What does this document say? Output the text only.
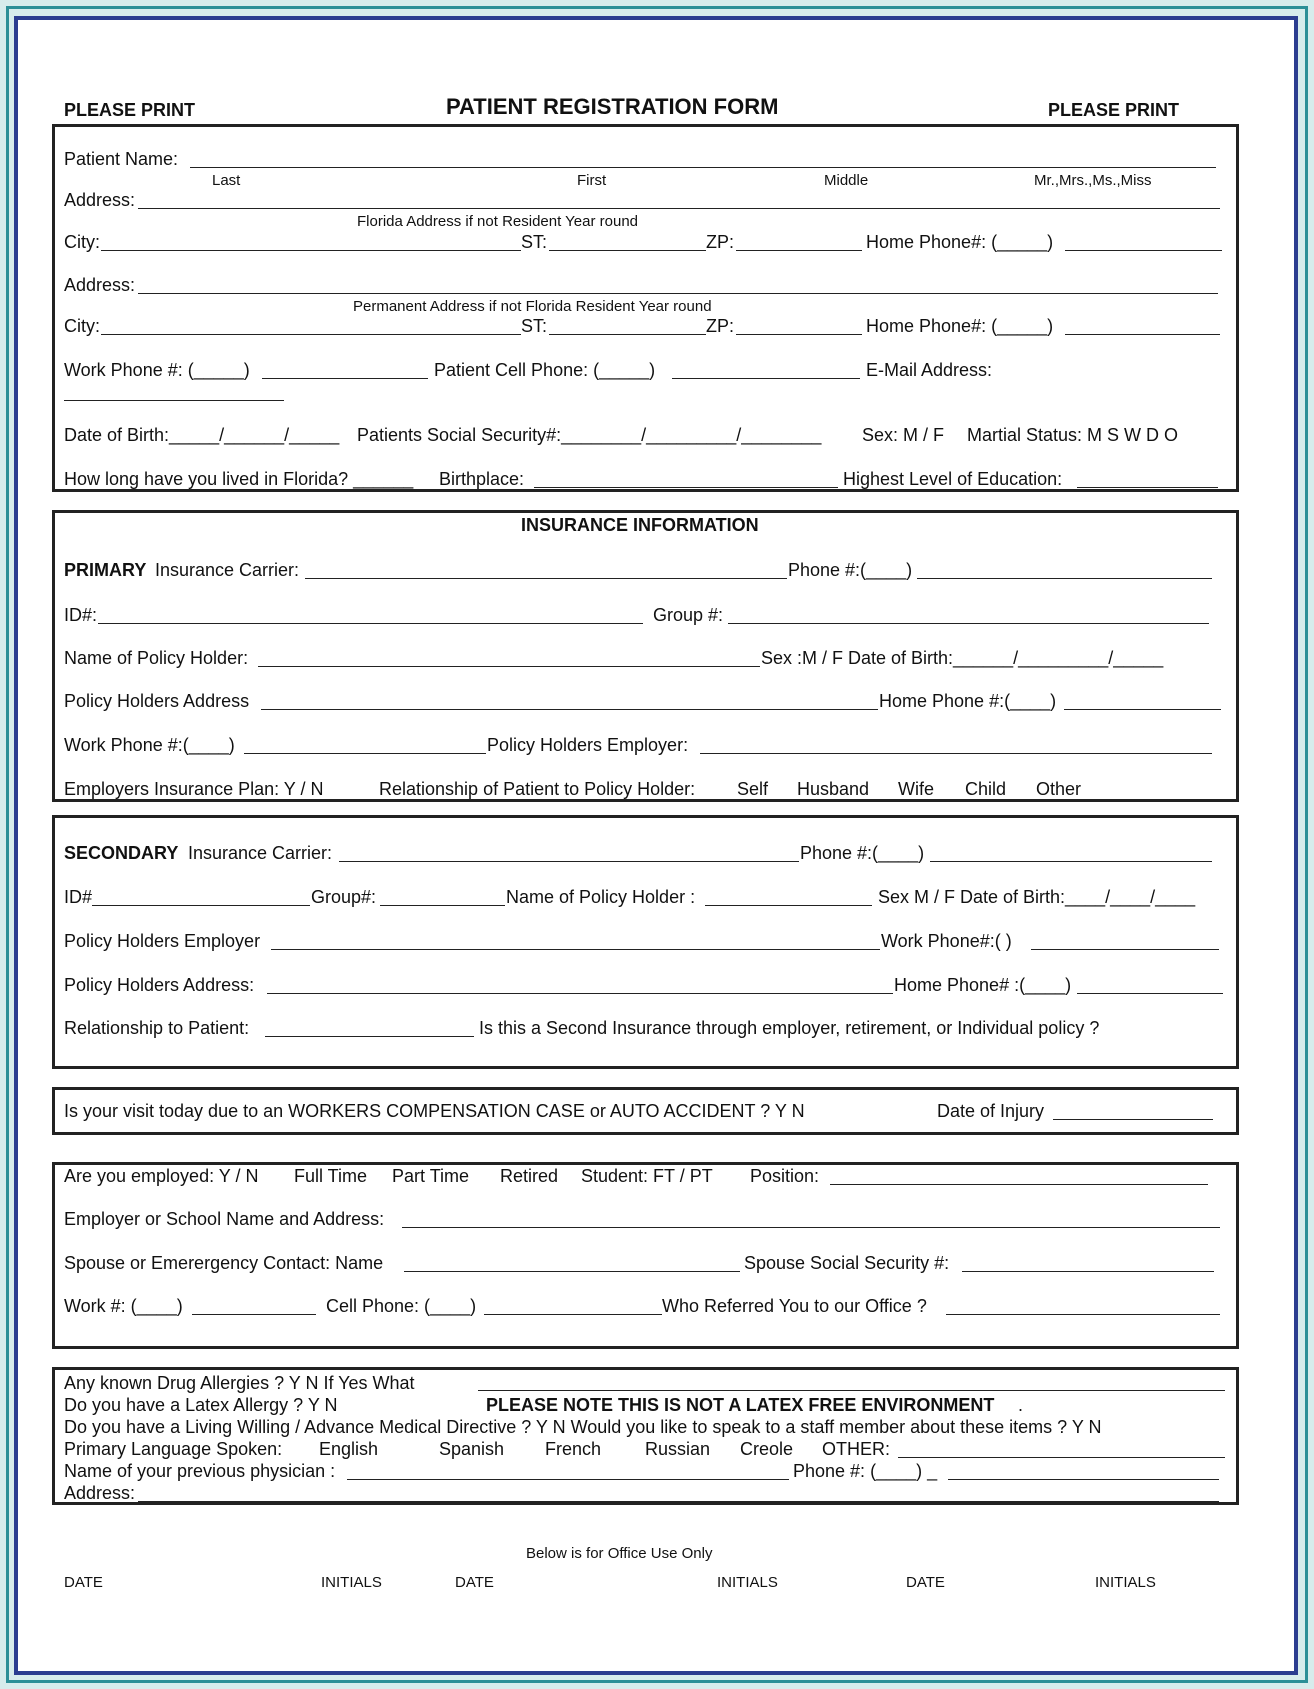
PLEASE PRINT	PATIENT REGISTRATION FORM	PLEASE PRINT
Patient Name:
Last	First	Middle	Mr.,Mrs.,Ms.,Miss
Address:
Florida Address if not Resident Year round
City:	ST:	ZP:	Home Phone#: (_____)
Address:
Permanent Address if not Florida Resident Year round
City:	ST:	ZP:	Home Phone#: (_____)
Work Phone #: (_____)	Patient Cell Phone: (_____)	E-Mail Address:
Date of Birth:_____/______/_____ Patients Social Security#:________/_________/________ Sex: M / F Martial Status: M S W D O
How long have you lived in Florida? ______ Birthplace:	Highest Level of Education:
INSURANCE INFORMATION
PRIMARY Insurance Carrier:	Phone #:(____)
ID#:	Group #:
Name of Policy Holder:	Sex :M / F Date of Birth:______/_________/_____
Policy Holders Address	Home Phone #:(____)
Work Phone #:(____)	Policy Holders Employer:
Employers Insurance Plan: Y / N	Relationship of Patient to Policy Holder: Self Husband Wife Child Other
SECONDARY Insurance Carrier:	Phone #:(____)
ID#	Group#:	Name of Policy Holder :	Sex M / F Date of Birth:____/____/____
Policy Holders Employer	Work Phone#:( )
Policy Holders Address:	Home Phone# :(____)
Relationship to Patient:	Is this a Second Insurance through employer, retirement, or Individual policy ?
Is your visit today due to an WORKERS COMPENSATION CASE or AUTO ACCIDENT ? Y N	Date of Injury
Are you employed: Y / N Full Time Part Time Retired Student: FT / PT Position:
Employer or School Name and Address:
Spouse or Emerergency Contact: Name	Spouse Social Security #:
Work #: (____)	Cell Phone: (____)	Who Referred You to our Office ?
Any known Drug Allergies ? Y N If Yes What
Do you have a Latex Allergy ? Y N	PLEASE NOTE THIS IS NOT A LATEX FREE ENVIRONMENT .
Do you have a Living Willing / Advance Medical Directive ? Y N Would you like to speak to a staff member about these items ? Y N
Primary Language Spoken: English	Spanish French Russian Creole OTHER:
Name of your previous physician :	Phone #: (____) _
Address:
Below is for Office Use Only
DATE	INITIALS	DATE	INITIALS	DATE	INITIALS
